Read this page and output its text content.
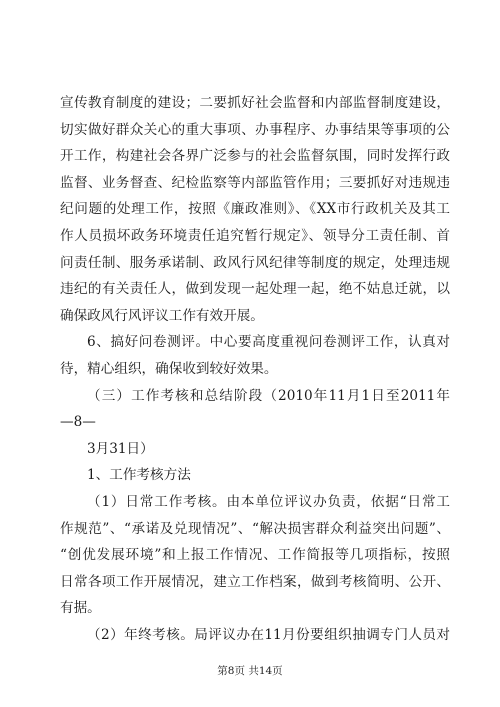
宣传教育制度的建设；二要抓好社会监督和内部监督制度建设，
切实做好群众关心的重大事项、办事程序、办事结果等事项的公
开工作，构建社会各界广泛参与的社会监督氛围，同时发挥行政
监督、业务督查、纪检监察等内部监管作用；三要抓好对违规违
纪问题的处理工作，按照《廉政准则》、《XX市行政机关及其工
作人员损坏政务环境责任追究暂行规定》、领导分工责任制、首
问责任制、服务承诺制、政风行风纪律等制度的规定，处理违规
违纪的有关责任人，做到发现一起处理一起，绝不姑息迁就，以
确保政风行风评议工作有效开展。
6、搞好问卷测评。中心要高度重视问卷测评工作，认真对
待，精心组织，确保收到较好效果。
（三）工作考核和总结阶段（2010年11月1日至2011年
—8—
3月31日）
1、工作考核方法
（1）日常工作考核。由本单位评议办负责，依据“日常工
作规范”、“承诺及兑现情况”、“解决损害群众利益突出问题”、
“创优发展环境”和上报工作情况、工作简报等几项指标，按照
日常各项工作开展情况，建立工作档案，做到考核简明、公开、
有据。
（2）年终考核。局评议办在11月份要组织抽调专门人员对
第8页 共14页
